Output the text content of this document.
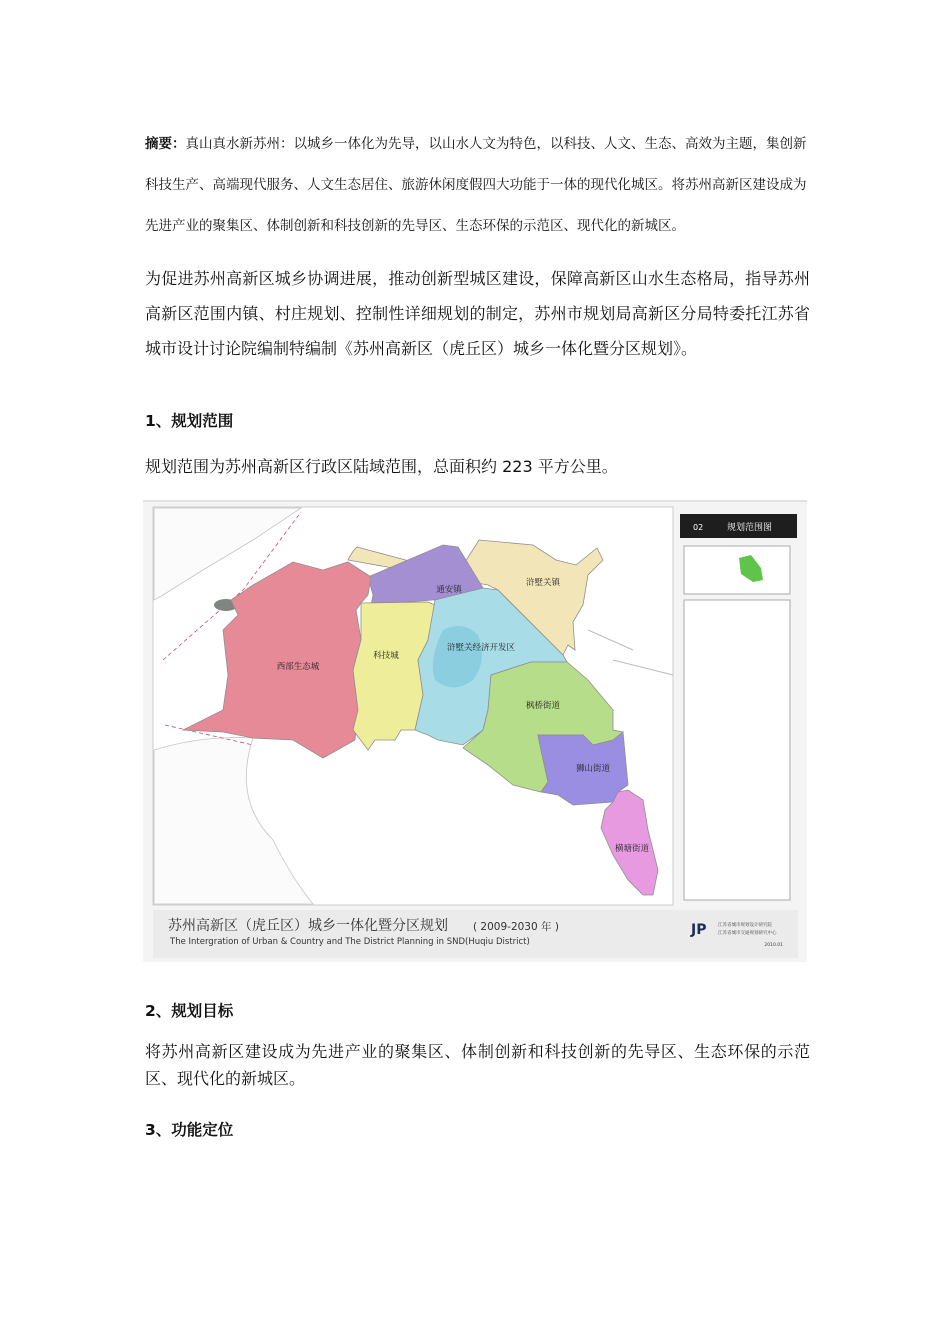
摘要：真山真水新苏州：以城乡一体化为先导，以山水人文为特色，以科技、人文、生态、高效为主题，集创新科技生产、高端现代服务、人文生态居住、旅游休闲度假四大功能于一体的现代化城区。将苏州高新区建设成为先进产业的聚集区、体制创新和科技创新的先导区、生态环保的示范区、现代化的新城区。
为促进苏州高新区城乡协调进展，推动创新型城区建设，保障高新区山水生态格局，指导苏州高新区范围内镇、村庄规划、控制性详细规划的制定，苏州市规划局高新区分局特委托江苏省城市设计讨论院编制特编制《苏州高新区（虎丘区）城乡一体化暨分区规划》。
1、规划范围
规划范围为苏州高新区行政区陆域范围，总面积约 223 平方公里。
通安镇
浒墅关镇
西部生态城
科技城
浒墅关经济开发区
枫桥街道
狮山街道
横塘街道
02	规划范围图
苏州高新区（虎丘区）城乡一体化暨分区规划 ( 2009-2030 年 )
The Intergration of Urban & Country and The District Planning in SND(Huqiu District)
JP	江苏省城市规划设计研究院
江苏省城市交通规划研究中心
2010.01
2、规划目标
将苏州高新区建设成为先进产业的聚集区、体制创新和科技创新的先导区、生态环保的示范区、现代化的新城区。
3、功能定位
